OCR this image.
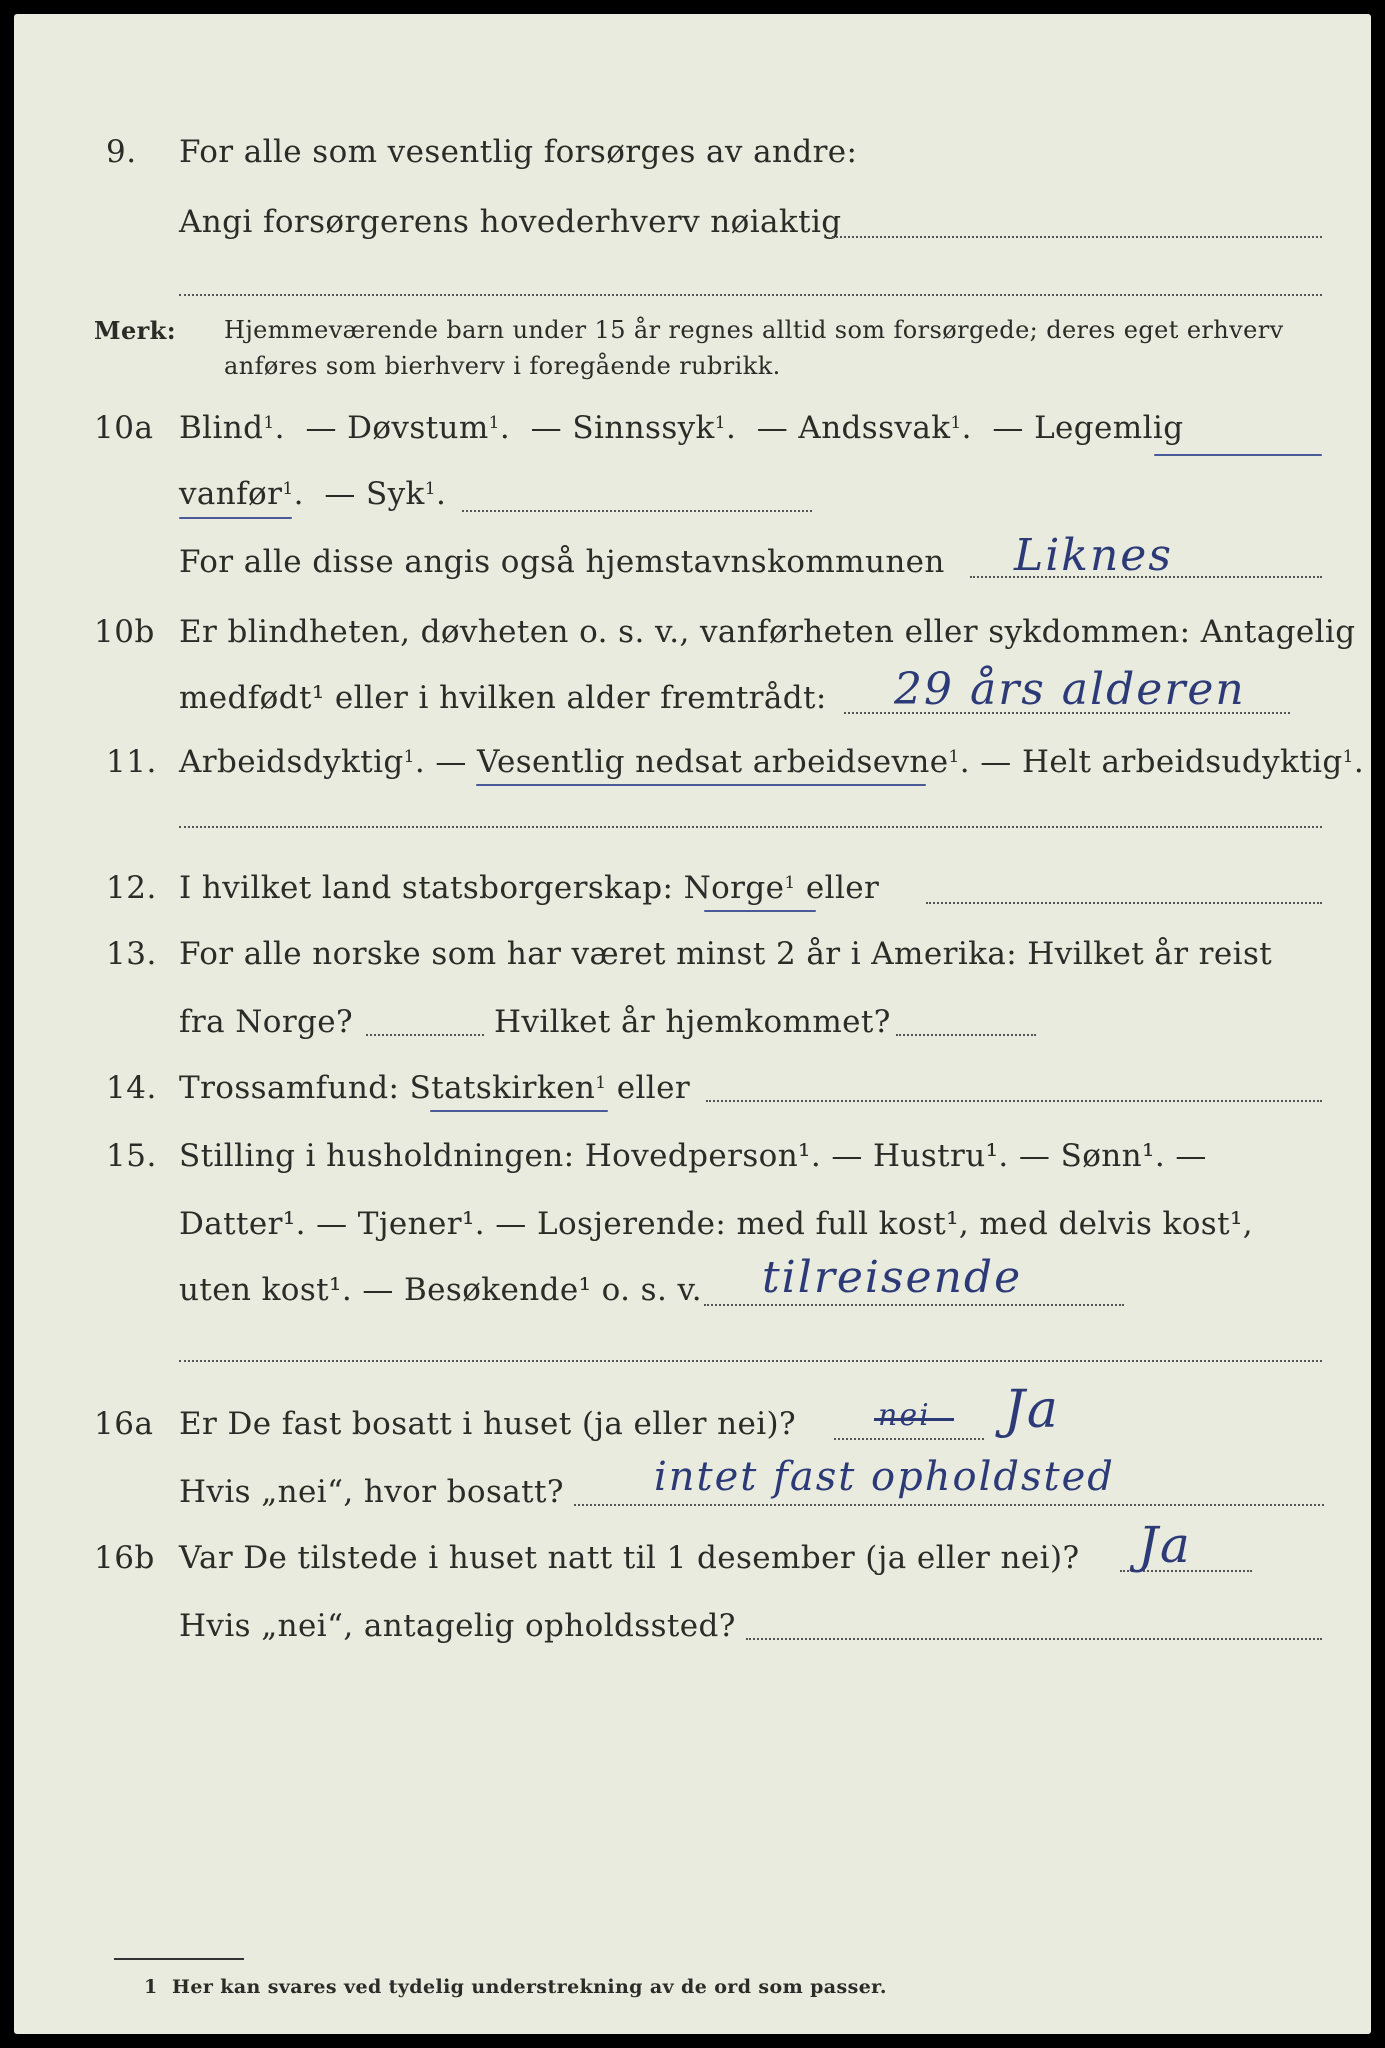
9. For alle som vesentlig forsørges av andre:
Angi forsørgerens hovederhverv nøiaktig
Merk: Hjemmeværende barn under 15 år regnes alltid som forsørgede; deres eget erhverv
anføres som bierhverv i foregående rubrikk.
10a Blind$^1$.  — Døvstum$^1$.  — Sinnssyk$^1$.  — Andssvak$^1$.  — Legemlig
vanfør$^1$.  — Syk$^1$.
For alle disse angis også hjemstavnskommunen Liknes
10b Er blindheten, døvheten o. s. v., vanførheten eller sykdommen: Antagelig
medfødt¹ eller i hvilken alder fremtrådt: 29 års alderen
11. Arbeidsdyktig$^1$. — Vesentlig nedsat arbeidsevne$^1$. — Helt arbeidsudyktig$^1$.
12. I hvilket land statsborgerskap: Norge$^1$ eller
13. For alle norske som har været minst 2 år i Amerika: Hvilket år reist
fra Norge?	Hvilket år hjemkommet?
14. Trossamfund: Statskirken$^1$ eller
15. Stilling i husholdningen: Hovedperson¹. — Hustru¹. — Sønn¹. —
Datter¹. — Tjener¹. — Losjerende: med full kost¹, med delvis kost¹,
uten kost¹. — Besøkende¹ o. s. v. tilreisende
16a Er De fast bosatt i huset (ja eller nei)?	nei Ja
Hvis „nei“, hvor bosatt? intet fast opholdsted
16b Var De tilstede i huset natt til 1 desember (ja eller nei)? Ja
Hvis „nei“, antagelig opholdssted?
1 Her kan svares ved tydelig understrekning av de ord som passer.
